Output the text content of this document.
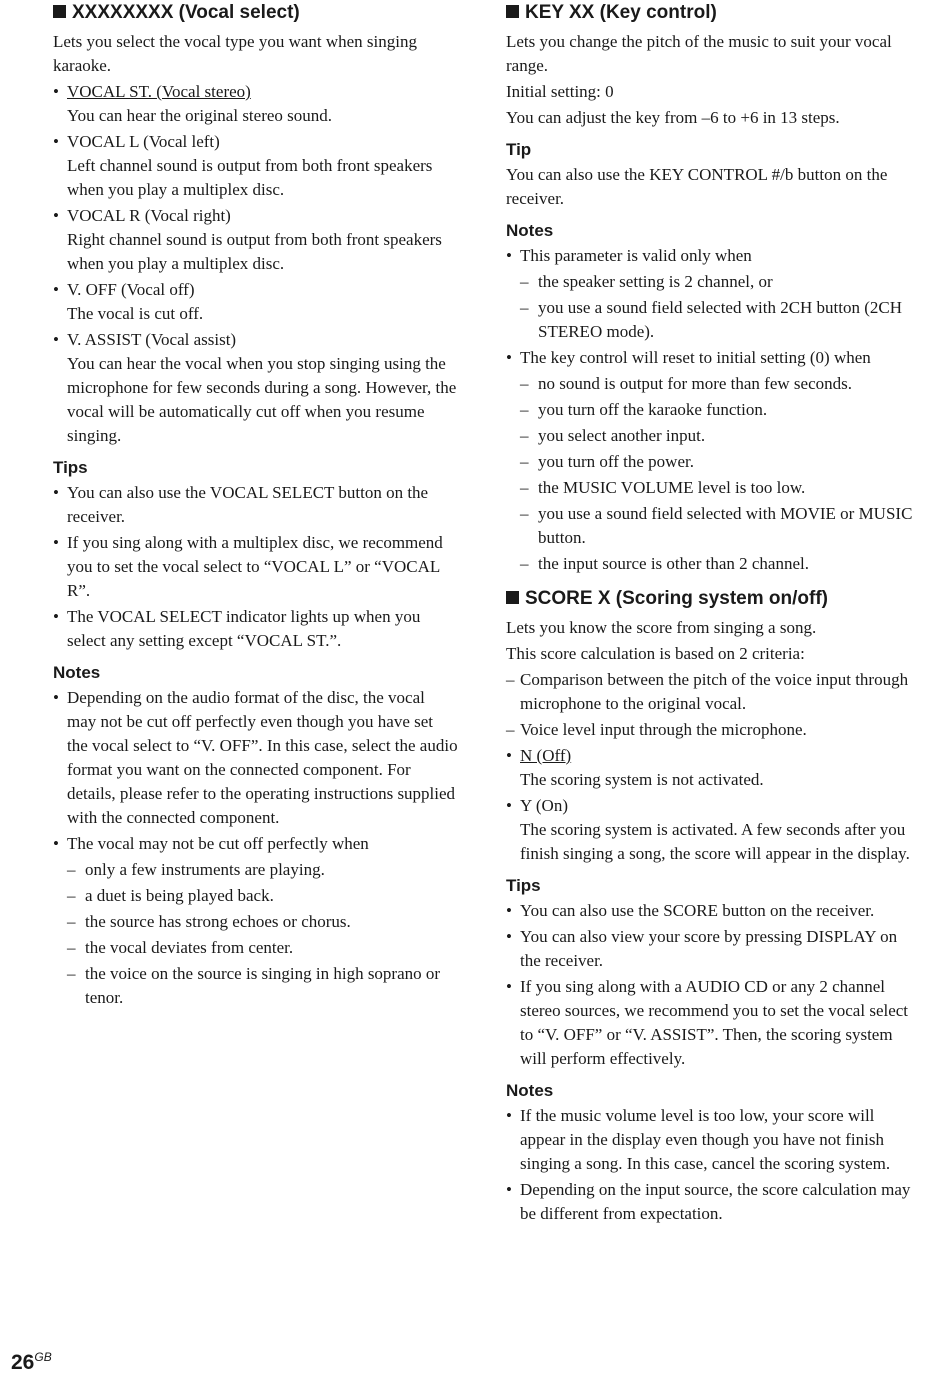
XXXXXXXX (Vocal select)

Lets you select the vocal type you want when singing karaoke.

• VOCAL ST. (Vocal stereo)
You can hear the original stereo sound.
• VOCAL L (Vocal left)
Left channel sound is output from both front speakers when you play a multiplex disc.
• VOCAL R (Vocal right)
Right channel sound is output from both front speakers when you play a multiplex disc.
• V. OFF (Vocal off)
The vocal is cut off.
• V. ASSIST (Vocal assist)
You can hear the vocal when you stop singing using the microphone for few seconds during a song. However, the vocal will be automatically cut off when you resume singing.
Tips
• You can also use the VOCAL SELECT button on the receiver.
• If you sing along with a multiplex disc, we recommend you to set the vocal select to “VOCAL L” or “VOCAL R”.
• The VOCAL SELECT indicator lights up when you select any setting except “VOCAL ST.”.
Notes
• Depending on the audio format of the disc, the vocal may not be cut off perfectly even though you have set the vocal select to “V. OFF”. In this case, select the audio format you want on the connected component. For details, please refer to the operating instructions supplied with the connected component.
• The vocal may not be cut off perfectly when
– only a few instruments are playing.
– a duet is being played back.
– the source has strong echoes or chorus.
– the vocal deviates from center.
– the voice on the source is singing in high soprano or tenor.
KEY XX (Key control)

Lets you change the pitch of the music to suit your vocal range.

Initial setting: 0

You can adjust the key from –6 to +6 in 13 steps.

Tip

You can also use the KEY CONTROL #/b button on the receiver.

Notes
• This parameter is valid only when
– the speaker setting is 2 channel, or
– you use a sound field selected with 2CH button (2CH STEREO mode).
• The key control will reset to initial setting (0) when
– no sound is output for more than few seconds.
– you turn off the karaoke function.
– you select another input.
– you turn off the power.
– the MUSIC VOLUME level is too low.
– you use a sound field selected with MOVIE or MUSIC button.
– the input source is other than 2 channel.
SCORE X (Scoring system on/off)

Lets you know the score from singing a song.

This score calculation is based on 2 criteria:

– Comparison between the pitch of the voice input through microphone to the original vocal.
– Voice level input through the microphone.
• N (Off)
The scoring system is not activated.
• Y (On)
The scoring system is activated. A few seconds after you finish singing a song, the score will appear in the display.
Tips
• You can also use the SCORE button on the receiver.
• You can also view your score by pressing DISPLAY on the receiver.
• If you sing along with a AUDIO CD or any 2 channel stereo sources, we recommend you to set the vocal select to “V. OFF” or “V. ASSIST”. Then, the scoring system will perform effectively.
Notes
• If the music volume level is too low, your score will appear in the display even though you have not finish singing a song. In this case, cancel the scoring system.
• Depending on the input source, the score calculation may be different from expectation.
$26^{GB}$
